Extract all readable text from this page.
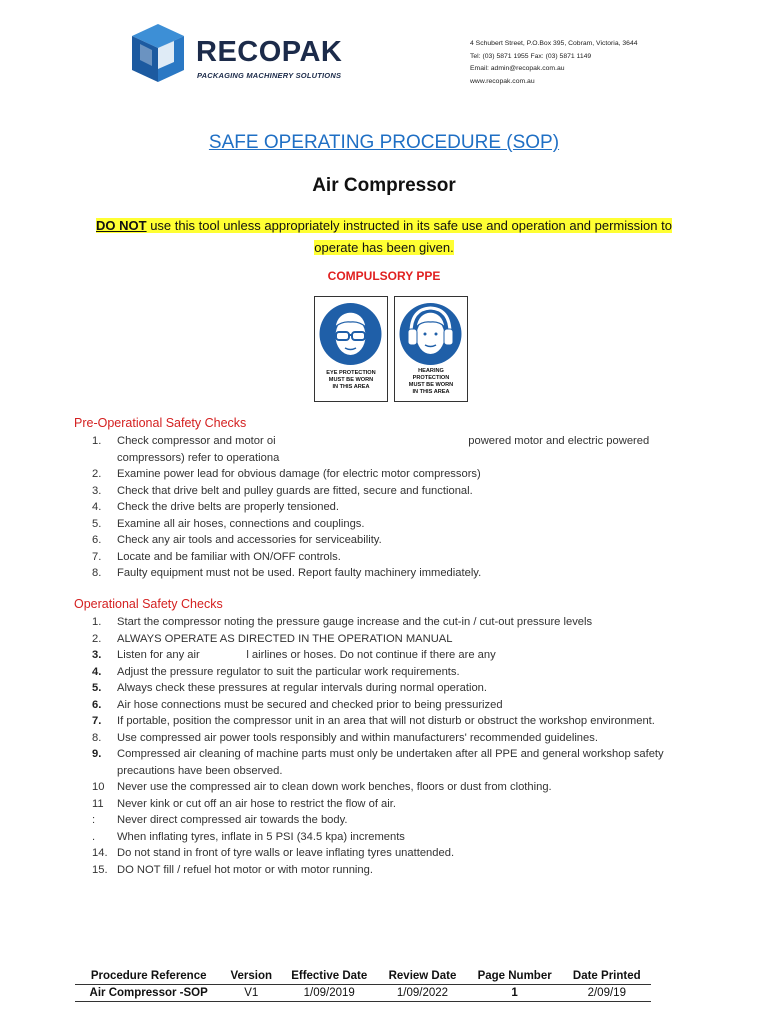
RECOPAK
PACKAGING MACHINERY SOLUTIONS
4 Schubert Street, P.O.Box 395, Cobram, Victoria, 3644
Tel: (03) 5871 1955 Fax: (03) 5871 1149
Email: admin@recopak.com.au
www.recopak.com.au
SAFE OPERATING PROCEDURE (SOP)
Air Compressor
DO NOT use this tool unless appropriately instructed in its safe use and operation and permission to
operate has been given.
COMPULSORY PPE
EYE PROTECTION
MUST BE WORN
IN THIS AREA
HEARING
PROTECTION
MUST BE WORN
IN THIS AREA
Pre-Operational Safety Checks
1.	Check compressor and motor oi                                                              powered motor and electric powered compressors) refer to operationa
2.	Examine power lead for obvious damage (for electric motor compressors)
3.	Check that drive belt and pulley guards are fitted, secure and functional.
4.	Check the drive belts are properly tensioned.
5.	Examine all air hoses, connections and couplings.
6.	Check any air tools and accessories for serviceability.
7.	Locate and be familiar with ON/OFF controls.
8.	Faulty equipment must not be used. Report faulty machinery immediately.
Operational Safety Checks
1.	Start the compressor noting the pressure gauge increase and the cut-in / cut-out pressure levels
2.	ALWAYS OPERATE AS DIRECTED IN THE OPERATION MANUAL
3.	Listen for any air               l airlines or hoses. Do not continue if there are any
4.	Adjust the pressure regulator to suit the particular work requirements.
5.	Always check these pressures at regular intervals during normal operation.
6.	Air hose connections must be secured and checked prior to being pressurized
7.	If portable, position the compressor unit in an area that will not disturb or obstruct the workshop environment.
8.	Use compressed air power tools responsibly and within manufacturers' recommended guidelines.
9.	Compressed air cleaning of machine parts must only be undertaken after all PPE and general workshop safety precautions have been observed.
10	Never use the compressed air to clean down work benches, floors or dust from clothing.
11	Never kink or cut off an air hose to restrict the flow of air.
:	Never direct compressed air towards the body.
.	When inflating tyres, inflate in 5 PSI (34.5 kpa) increments
14. Do not stand in front of tyre walls or leave inflating tyres unattended.
15. DO NOT fill / refuel hot motor or with motor running.
Procedure Reference	Version	Effective Date	Review Date	Page Number	Date Printed
Air Compressor -SOP	V1	1/09/2019	1/09/2022	1	2/09/19
